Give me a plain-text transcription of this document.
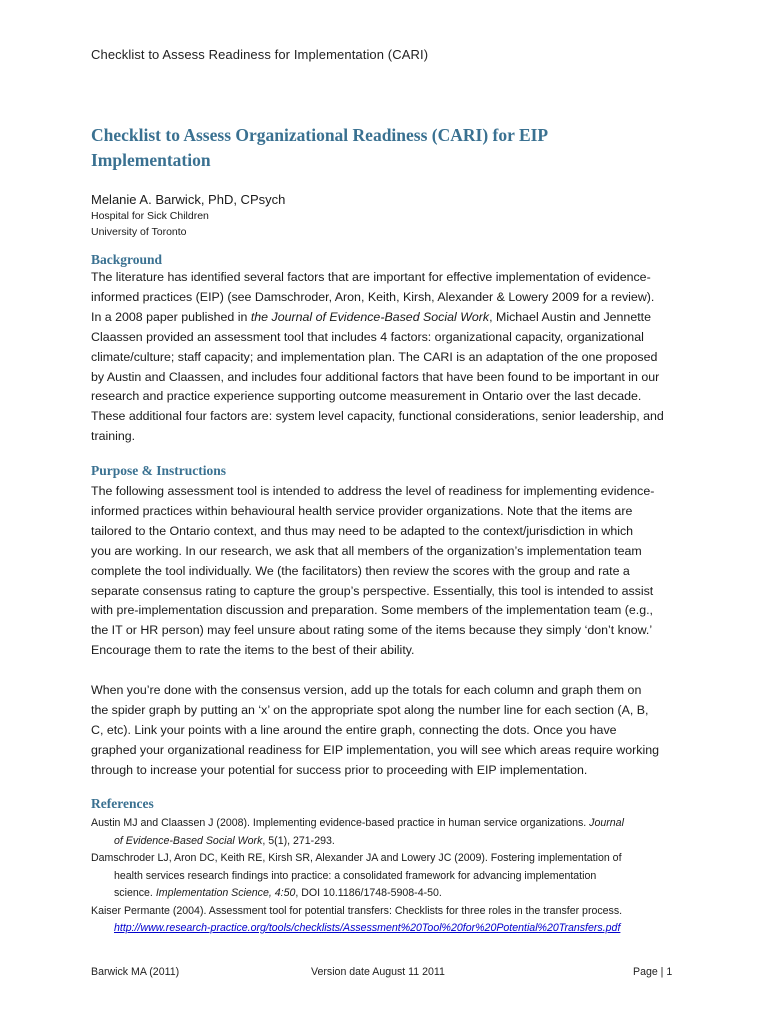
Checklist to Assess Readiness for Implementation (CARI)
Checklist to Assess Organizational Readiness (CARI) for EIP
Implementation
Melanie A. Barwick, PhD, CPsych
Hospital for Sick Children
University of Toronto
Background
The literature has identified several factors that are important for effective implementation of evidence-
informed practices (EIP) (see Damschroder, Aron, Keith, Kirsh, Alexander & Lowery 2009 for a review).
In a 2008 paper published in the Journal of Evidence-Based Social Work, Michael Austin and Jennette
Claassen provided an assessment tool that includes 4 factors: organizational capacity, organizational
climate/culture; staff capacity; and implementation plan. The CARI is an adaptation of the one proposed
by Austin and Claassen, and includes four additional factors that have been found to be important in our
research and practice experience supporting outcome measurement in Ontario over the last decade.
These additional four factors are: system level capacity, functional considerations, senior leadership, and
training.
Purpose & Instructions
The following assessment tool is intended to address the level of readiness for implementing evidence-
informed practices within behavioural health service provider organizations. Note that the items are
tailored to the Ontario context, and thus may need to be adapted to the context/jurisdiction in which
you are working. In our research, we ask that all members of the organization’s implementation team
complete the tool individually. We (the facilitators) then review the scores with the group and rate a
separate consensus rating to capture the group’s perspective. Essentially, this tool is intended to assist
with pre-implementation discussion and preparation. Some members of the implementation team (e.g.,
the IT or HR person) may feel unsure about rating some of the items because they simply ‘don’t know.’
Encourage them to rate the items to the best of their ability.
When you’re done with the consensus version, add up the totals for each column and graph them on
the spider graph by putting an ‘x’ on the appropriate spot along the number line for each section (A, B,
C, etc). Link your points with a line around the entire graph, connecting the dots. Once you have
graphed your organizational readiness for EIP implementation, you will see which areas require working
through to increase your potential for success prior to proceeding with EIP implementation.
References
Austin MJ and Claassen J (2008). Implementing evidence-based practice in human service organizations. Journal
of Evidence-Based Social Work, 5(1), 271-293.
Damschroder LJ, Aron DC, Keith RE, Kirsh SR, Alexander JA and Lowery JC (2009). Fostering implementation of
health services research findings into practice: a consolidated framework for advancing implementation
science. Implementation Science, 4:50, DOI 10.1186/1748-5908-4-50.
Kaiser Permante (2004). Assessment tool for potential transfers: Checklists for three roles in the transfer process.
http://www.research-practice.org/tools/checklists/Assessment%20Tool%20for%20Potential%20Transfers.pdf
Barwick MA (2011)	Version date August 11 2011	Page | 1
